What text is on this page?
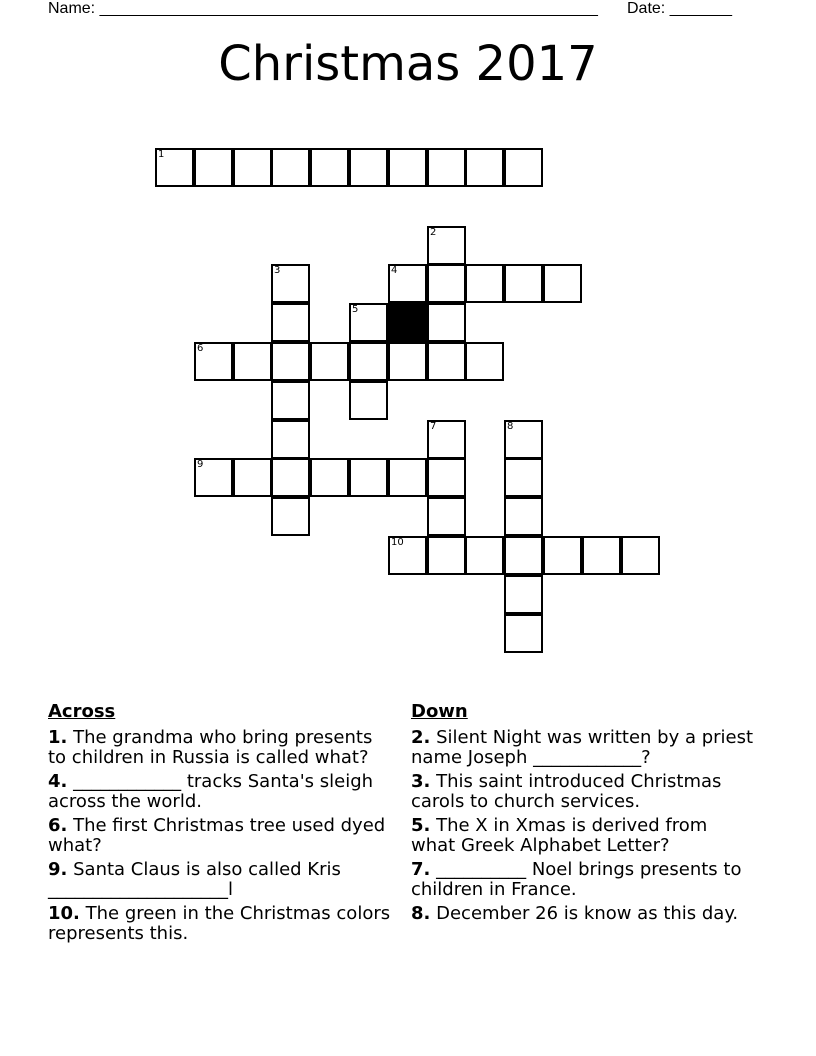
Name: ________________________________________________________ Date: _______
Christmas 2017
1
2
3	4
5
6
7	8
9
10
Across
1. The grandma who bring presents to children in Russia is called what?
4. ____________ tracks Santa's sleigh across the world.
6. The first Christmas tree used dyed what?
9. Santa Claus is also called Kris ____________________l
10. The green in the Christmas colors represents this.
Down
2. Silent Night was written by a priest name Joseph ____________?
3. This saint introduced Christmas carols to church services.
5. The X in Xmas is derived from what Greek Alphabet Letter?
7. __________ Noel brings presents to children in France.
8. December 26 is know as this day.
